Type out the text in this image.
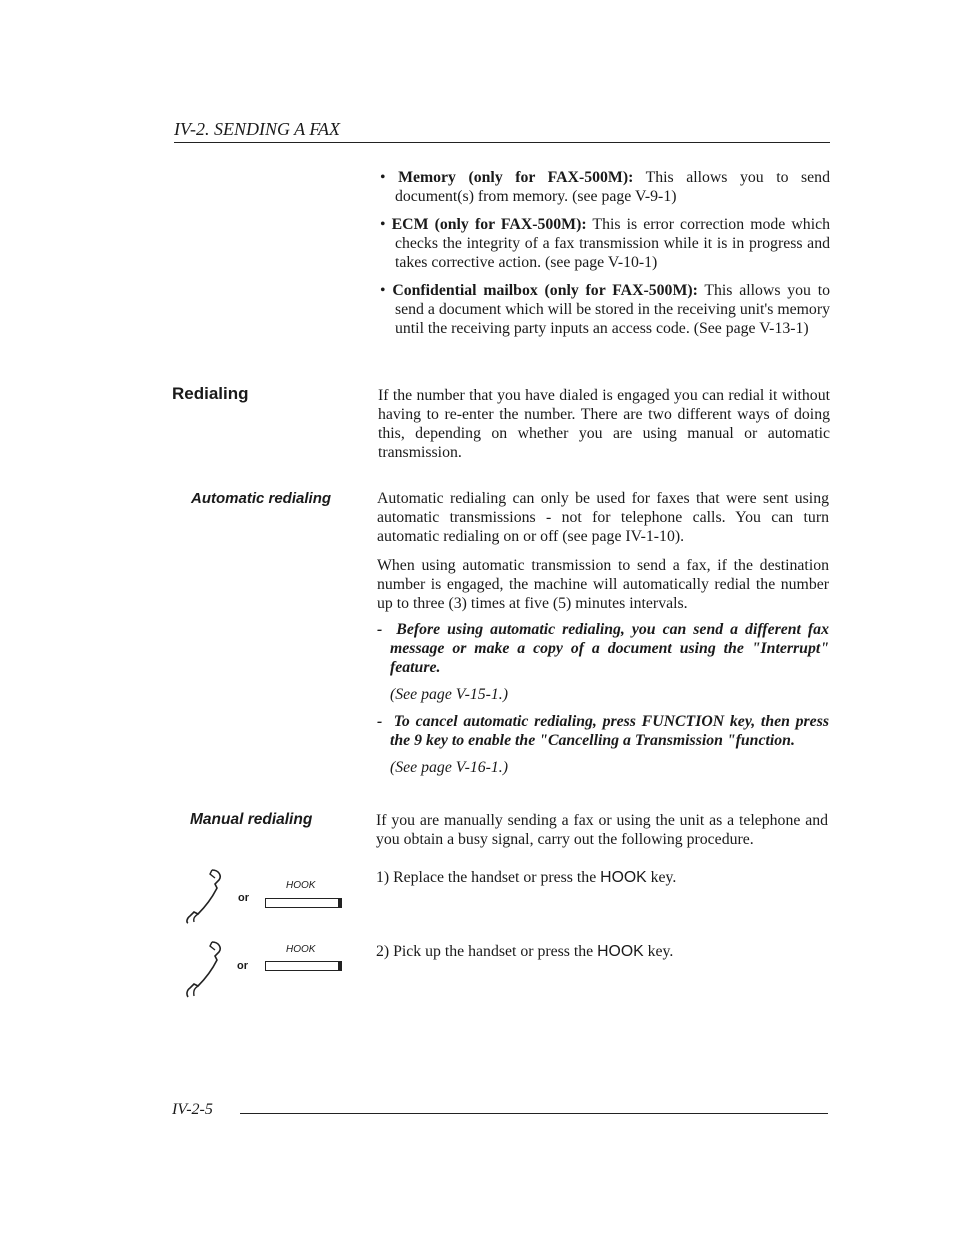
IV-2. SENDING A FAX
• Memory (only for FAX-500M): This allows you to send document(s) from memory. (see page V-9-1)
• ECM (only for FAX-500M): This is error correction mode which checks the integrity of a fax transmission while it is in progress and takes corrective action. (see page V-10-1)
• Confidential mailbox (only for FAX-500M): This allows you to send a document which will be stored in the receiving unit's memory until the receiving party inputs an access code. (See page V-13-1)
Redialing	If the number that you have dialed is engaged you can redial it without having to re-enter the number. There are two different ways of doing this, depending on whether you are using manual or automatic transmission.
Automatic redialing	Automatic redialing can only be used for faxes that were sent using automatic transmissions - not for telephone calls. You can turn automatic redialing on or off (see page IV-1-10).
When using automatic transmission to send a fax, if the destination number is engaged, the machine will automatically redial the number up to three (3) times at five (5) minutes intervals.
-  Before using automatic redialing, you can send a different fax message or make a copy of a document using the "Interrupt" feature.
(See page V-15-1.)
-  To cancel automatic redialing, press FUNCTION key, then press the 9 key to enable the "Cancelling a Transmission "function.
(See page V-16-1.)
Manual redialing	If you are manually sending a fax or using the unit as a telephone and you obtain a busy signal, carry out the following procedure.
1) Replace the handset or press the HOOK key.
2) Pick up the handset or press the HOOK key.
or
HOOK
or
HOOK
IV-2-5
